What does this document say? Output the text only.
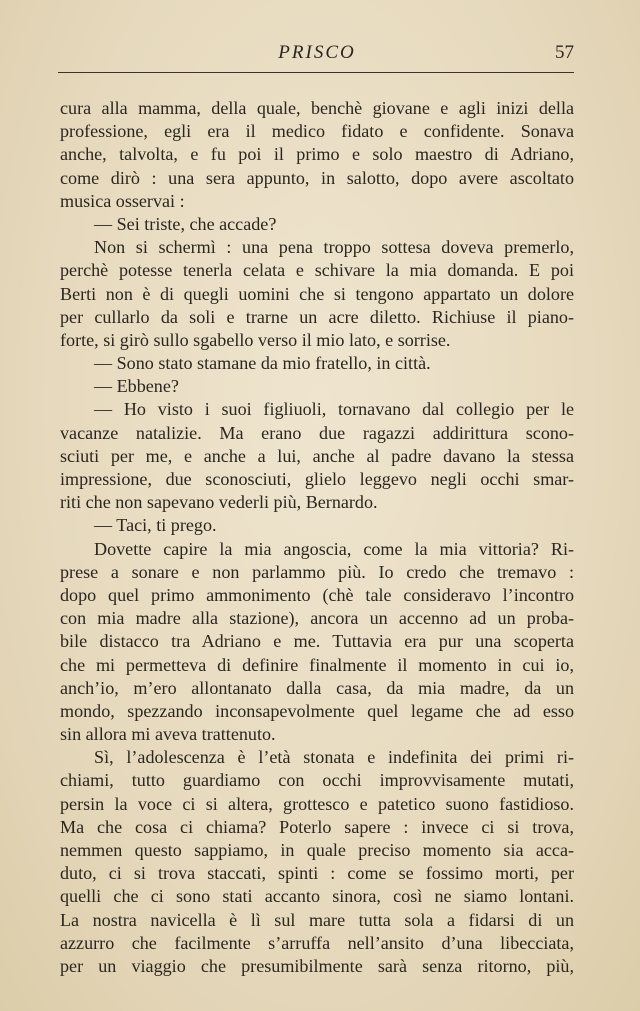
PRISCO	57
cura alla mamma, della quale, benchè giovane e agli inizi della
professione, egli era il medico fidato e confidente. Sonava
anche, talvolta, e fu poi il primo e solo maestro di Adriano,
come dirò : una sera appunto, in salotto, dopo avere ascoltato
musica osservai :
— Sei triste, che accade?
Non si schermì : una pena troppo sottesa doveva premerlo,
perchè potesse tenerla celata e schivare la mia domanda. E poi
Berti non è di quegli uomini che si tengono appartato un dolore
per cullarlo da soli e trarne un acre diletto. Richiuse il piano-
forte, si girò sullo sgabello verso il mio lato, e sorrise.
— Sono stato stamane da mio fratello, in città.
— Ebbene?
— Ho visto i suoi figliuoli, tornavano dal collegio per le
vacanze natalizie. Ma erano due ragazzi addirittura scono-
sciuti per me, e anche a lui, anche al padre davano la stessa
impressione, due sconosciuti, glielo leggevo negli occhi smar-
riti che non sapevano vederli più, Bernardo.
— Taci, ti prego.
Dovette capire la mia angoscia, come la mia vittoria? Ri-
prese a sonare e non parlammo più. Io credo che tremavo :
dopo quel primo ammonimento (chè tale consideravo l’incontro
con mia madre alla stazione), ancora un accenno ad un proba-
bile distacco tra Adriano e me. Tuttavia era pur una scoperta
che mi permetteva di definire finalmente il momento in cui io,
anch’io, m’ero allontanato dalla casa, da mia madre, da un
mondo, spezzando inconsapevolmente quel legame che ad esso
sin allora mi aveva trattenuto.
Sì, l’adolescenza è l’età stonata e indefinita dei primi ri-
chiami, tutto guardiamo con occhi improvvisamente mutati,
persin la voce ci si altera, grottesco e patetico suono fastidioso.
Ma che cosa ci chiama? Poterlo sapere : invece ci si trova,
nemmen questo sappiamo, in quale preciso momento sia acca-
duto, ci si trova staccati, spinti : come se fossimo morti, per
quelli che ci sono stati accanto sinora, così ne siamo lontani.
La nostra navicella è lì sul mare tutta sola a fidarsi di un
azzurro che facilmente s’arruffa nell’ansito d’una libecciata,
per un viaggio che presumibilmente sarà senza ritorno, più,
